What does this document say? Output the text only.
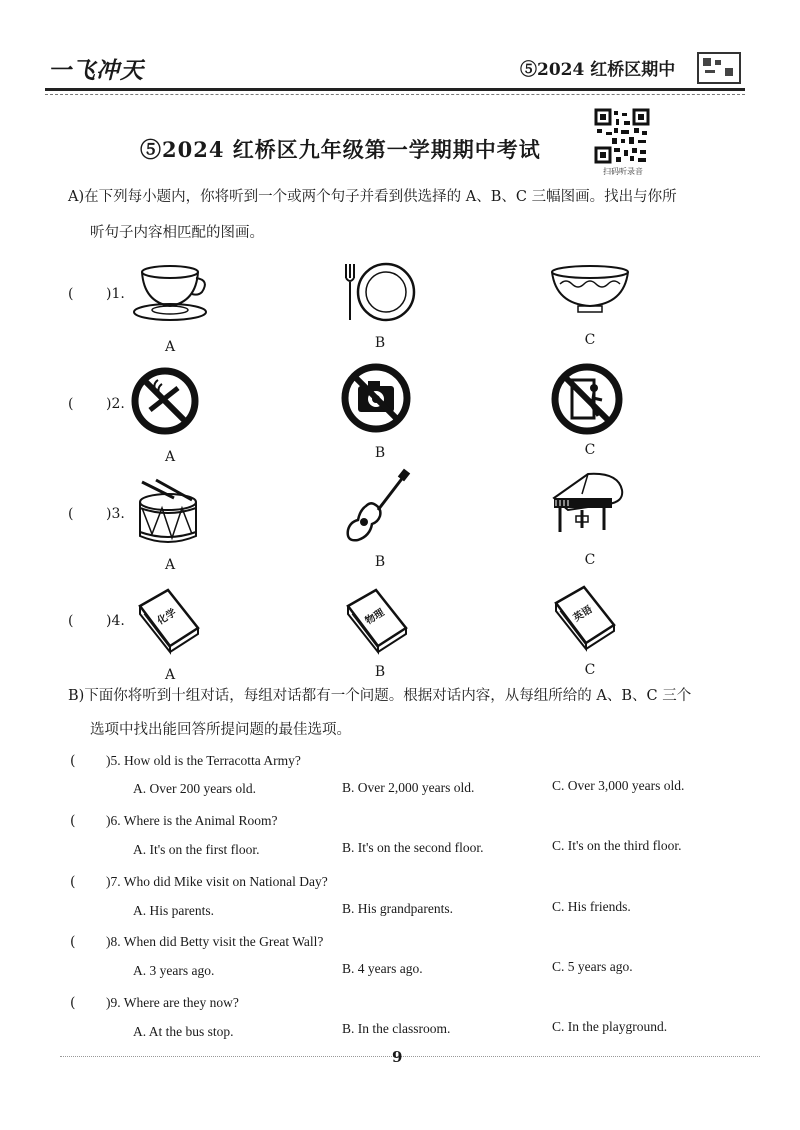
一飞冲天	⑤2024 红桥区期中
⑤2024 红桥区九年级第一学期期中考试
扫码听录音
A)在下列每小题内，你将听到一个或两个句子并看到供选择的 A、B、C 三幅图画。找出与你所
听句子内容相匹配的图画。
( )1.
A	B	C
( )2.
A	B	C
( )3.
A	B	C
( )4.	化学	物理	英语
A	B	C
B)下面你将听到十组对话，每组对话都有一个问题。根据对话内容，从每组所给的 A、B、C 三个
选项中找出能回答所提问题的最佳选项。
( )5. How old is the Terracotta Army?
A. Over 200 years old.	B. Over 2,000 years old.	C. Over 3,000 years old.
( )6. Where is the Animal Room?
A. It's on the first floor.	B. It's on the second floor.	C. It's on the third floor.
( )7. Who did Mike visit on National Day?
A. His parents.	B. His grandparents.	C. His friends.
( )8. When did Betty visit the Great Wall?
A. 3 years ago.	B. 4 years ago.	C. 5 years ago.
( )9. Where are they now?
A. At the bus stop.	B. In the classroom.	C. In the playground.
9
